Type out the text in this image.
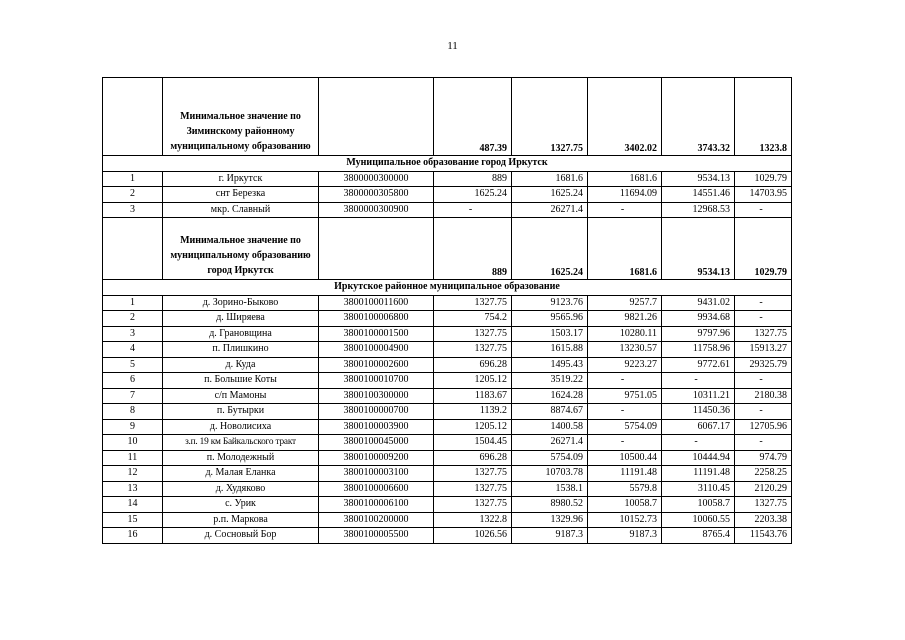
11
	Минимальное значение по Зиминскому районному муниципальному образованию		487.39	1327.75	3402.02	3743.32	1323.8
Муниципальное образование город Иркутск							
1	г. Иркутск	3800000300000	889	1681.6	1681.6	9534.13	1029.79
2	снт Березка	3800000305800	1625.24	1625.24	11694.09	14551.46	14703.95
3	мкр. Славный	3800000300900	-	26271.4	-	12968.53	-
	Минимальное значение по муниципальному образованию город Иркутск		889	1625.24	1681.6	9534.13	1029.79
Иркутское районное муниципальное образование							
1	д. Зорино-Быково	3800100011600	1327.75	9123.76	9257.7	9431.02	-
2	д. Ширяева	3800100006800	754.2	9565.96	9821.26	9934.68	-
3	д. Грановщина	3800100001500	1327.75	1503.17	10280.11	9797.96	1327.75
4	п. Плишкино	3800100004900	1327.75	1615.88	13230.57	11758.96	15913.27
5	д. Куда	3800100002600	696.28	1495.43	9223.27	9772.61	29325.79
6	п. Большие Коты	3800100010700	1205.12	3519.22	-	-	-
7	с/п Мамоны	3800100300000	1183.67	1624.28	9751.05	10311.21	2180.38
8	п. Бутырки	3800100000700	1139.2	8874.67	-	11450.36	-
9	д. Новолисиха	3800100003900	1205.12	1400.58	5754.09	6067.17	12705.96
10	з.п. 19 км Байкальского тракт	3800100045000	1504.45	26271.4	-	-	-
11	п. Молодежный	3800100009200	696.28	5754.09	10500.44	10444.94	974.79
12	д. Малая Еланка	3800100003100	1327.75	10703.78	11191.48	11191.48	2258.25
13	д. Худяково	3800100006600	1327.75	1538.1	5579.8	3110.45	2120.29
14	с. Урик	3800100006100	1327.75	8980.52	10058.7	10058.7	1327.75
15	р.п. Маркова	3800100200000	1322.8	1329.96	10152.73	10060.55	2203.38
16	д. Сосновый Бор	3800100005500	1026.56	9187.3	9187.3	8765.4	11543.76
